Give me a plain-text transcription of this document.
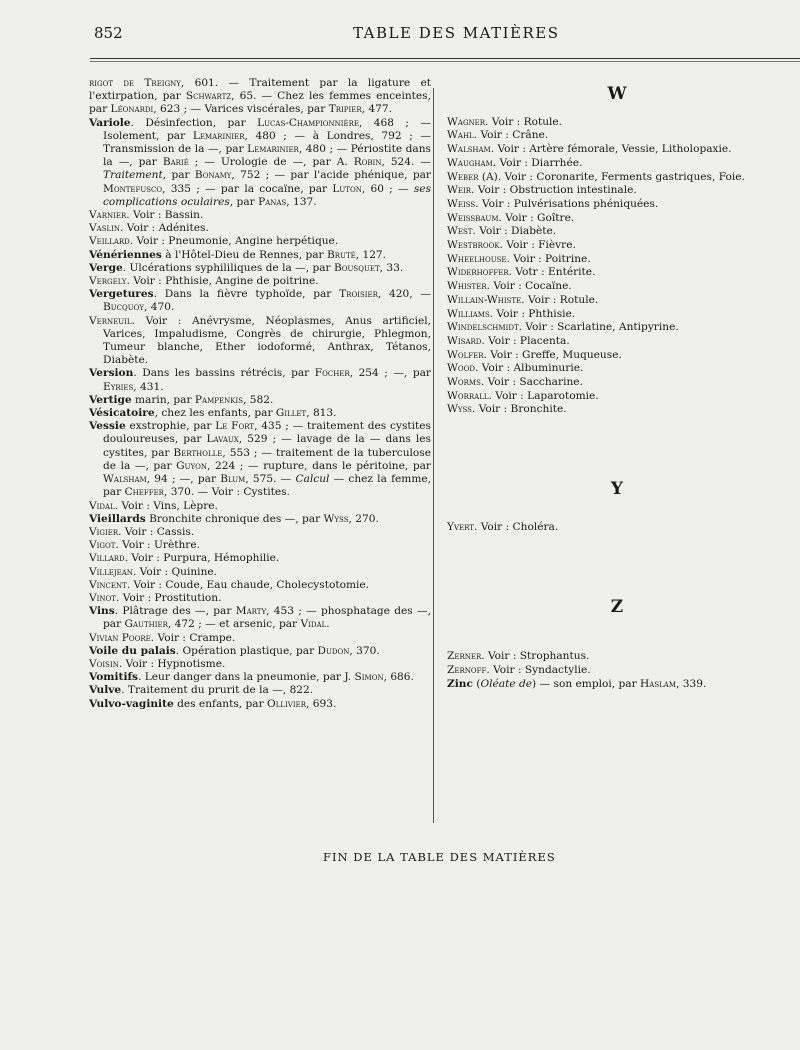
852	TABLE DES MATIÈRES

rigot de Treigny, 601. — Traitement par la ligature et l'extirpation, par Schwartz, 65. — Chez les femmes enceintes, par Léonardi, 623 ; — Varices viscérales, par Tripier, 477.

Variole. Désinfection, par Lucas-Championnière, 468 ; — Isolement, par Lemarinier, 480 ; — à Londres, 792 ; — Transmission de la —, par Lemarinier, 480 ; — Périostite dans la —, par Barié ; — Urologie de —, par A. Robin, 524. — Traitement, par Bonamy, 752 ; — par l'acide phénique, par Montefusco, 335 ; — par la cocaïne, par Luton, 60 ; — ses complications oculaires, par Panas, 137.

Varnier. Voir : Bassin.

Vaslin. Voir : Adénites.

Veillard. Voir : Pneumonie, Angine herpétique.

Vénériennes à l'Hôtel-Dieu de Rennes, par Bruté, 127.

Verge. Ulcérations syphililiques de la —, par Bousquet, 33.

Vergely. Voir : Phthisie, Angine de poitrine.

Vergetures. Dans la fièvre typhoïde, par Troisier, 420, — Bucquoy, 470.

Verneuil. Voir : Anévrysme, Néoplasmes, Anus artificiel, Varices, Impaludisme, Congrès de chirurgie, Phlegmon, Tumeur blanche, Ether iodoformé, Anthrax, Tétanos, Diabète.

Version. Dans les bassins rétrécis, par Focher, 254 ; —, par Eyries, 431.

Vertige marin, par Pampenkis, 582.

Vésicatoire, chez les enfants, par Gillet, 813.

Vessie exstrophie, par Le Fort, 435 ; — traitement des cystites douloureuses, par Lavaux, 529 ; — lavage de la — dans les cystites, par Bertholle, 553 ; — traitement de la tuberculose de la —, par Guyon, 224 ; — rupture, dans le péritoine, par Walsham, 94 ; —, par Blum, 575. — Calcul — chez la femme, par Cheffer, 370. — Voir : Cystites.

Vidal. Voir : Vins, Lèpre.

Vieillards Bronchite chronique des —, par Wyss, 270.

Vigier. Voir : Cassis.

Vigot. Voir : Urèthre.

Villard. Voir : Purpura, Hémophilie.

Villejean. Voir : Quinine.

Vincent. Voir : Coude, Eau chaude, Cholecystotomie.

Vinot. Voir : Prostitution.

Vins. Plâtrage des —, par Marty, 453 ; — phosphatage des —, par Gauthier, 472 ; — et arsenic, par Vidal.

Vivian Poore. Voir : Crampe.

Voile du palais. Opération plastique, par Dudon, 370.

Voisin. Voir : Hypnotisme.

Vomitifs. Leur danger dans la pneumonie, par J. Simon, 686.

Vulve. Traitement du prurit de la —, 822.

Vulvo-vaginite des enfants, par Ollivier, 693.

W

Wagner. Voir : Rotule.

Wahl. Voir : Crâne.

Walsham. Voir : Artère fémorale, Vessie, Litholopaxie.

Waugham. Voir : Diarrhée.

Weber (A). Voir : Coronarite, Ferments gastriques, Foie.

Weir. Voir : Obstruction intestinale.

Weiss. Voir : Pulvérisations phéniquées.

Weissbaum. Voir : Goître.

West. Voir : Diabète.

Westbrook. Voir : Fièvre.

Wheelhouse. Voir : Poitrine.

Widerhoffer. Votr : Entérite.

Whister. Voir : Cocaïne.

Willain-Whiste. Voir : Rotule.

Williams. Voir : Phthisie.

Windelschmidt. Voir : Scarlatine, Antipyrine.

Wisard. Voir : Placenta.

Wolfer. Voir : Greffe, Muqueuse.

Wood. Voir : Albuminurie.

Worms. Voir : Saccharine.

Worrall. Voir : Laparotomie.

Wyss. Voir : Bronchite.

Y

Yvert. Voir : Choléra.

Z

Zerner. Voir : Strophantus.

Zernoff. Voir : Syndactylie.

Zinc (Oléate de) — son emploi, par Haslam, 339.

FIN DE LA TABLE DES MATIÈRES
